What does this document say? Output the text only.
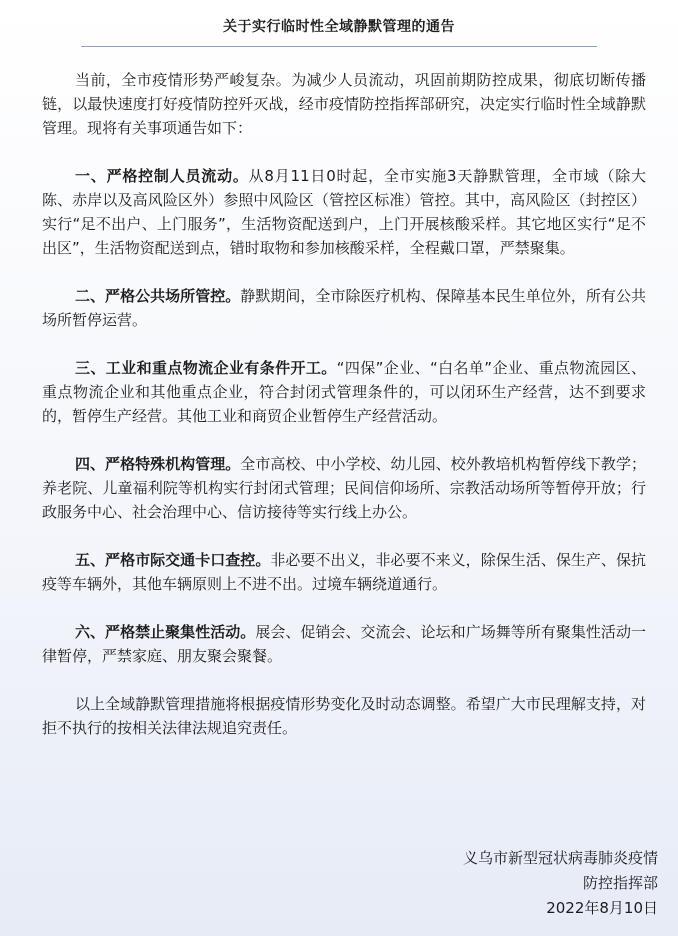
关于实行临时性全域静默管理的通告

当前，全市疫情形势严峻复杂。为减少人员流动，巩固前期防控成果，彻底切断传播链，以最快速度打好疫情防控歼灭战，经市疫情防控指挥部研究，决定实行临时性全域静默管理。现将有关事项通告如下：

一、严格控制人员流动。从8月11日0时起，全市实施3天静默管理，全市域（除大陈、赤岸以及高风险区外）参照中风险区（管控区标准）管控。其中，高风险区（封控区）实行“足不出户、上门服务”，生活物资配送到户，上门开展核酸采样。其它地区实行“足不出区”，生活物资配送到点，错时取物和参加核酸采样，全程戴口罩，严禁聚集。

二、严格公共场所管控。静默期间，全市除医疗机构、保障基本民生单位外，所有公共场所暂停运营。

三、工业和重点物流企业有条件开工。“四保”企业、“白名单”企业、重点物流园区、重点物流企业和其他重点企业，符合封闭式管理条件的，可以闭环生产经营，达不到要求的，暂停生产经营。其他工业和商贸企业暂停生产经营活动。

四、严格特殊机构管理。全市高校、中小学校、幼儿园、校外教培机构暂停线下教学；养老院、儿童福利院等机构实行封闭式管理；民间信仰场所、宗教活动场所等暂停开放；行政服务中心、社会治理中心、信访接待等实行线上办公。

五、严格市际交通卡口查控。非必要不出义，非必要不来义，除保生活、保生产、保抗疫等车辆外，其他车辆原则上不进不出。过境车辆绕道通行。

六、严格禁止聚集性活动。展会、促销会、交流会、论坛和广场舞等所有聚集性活动一律暂停，严禁家庭、朋友聚会聚餐。

以上全域静默管理措施将根据疫情形势变化及时动态调整。希望广大市民理解支持，对拒不执行的按相关法律法规追究责任。

义乌市新型冠状病毒肺炎疫情
防控指挥部
2022年8月10日
